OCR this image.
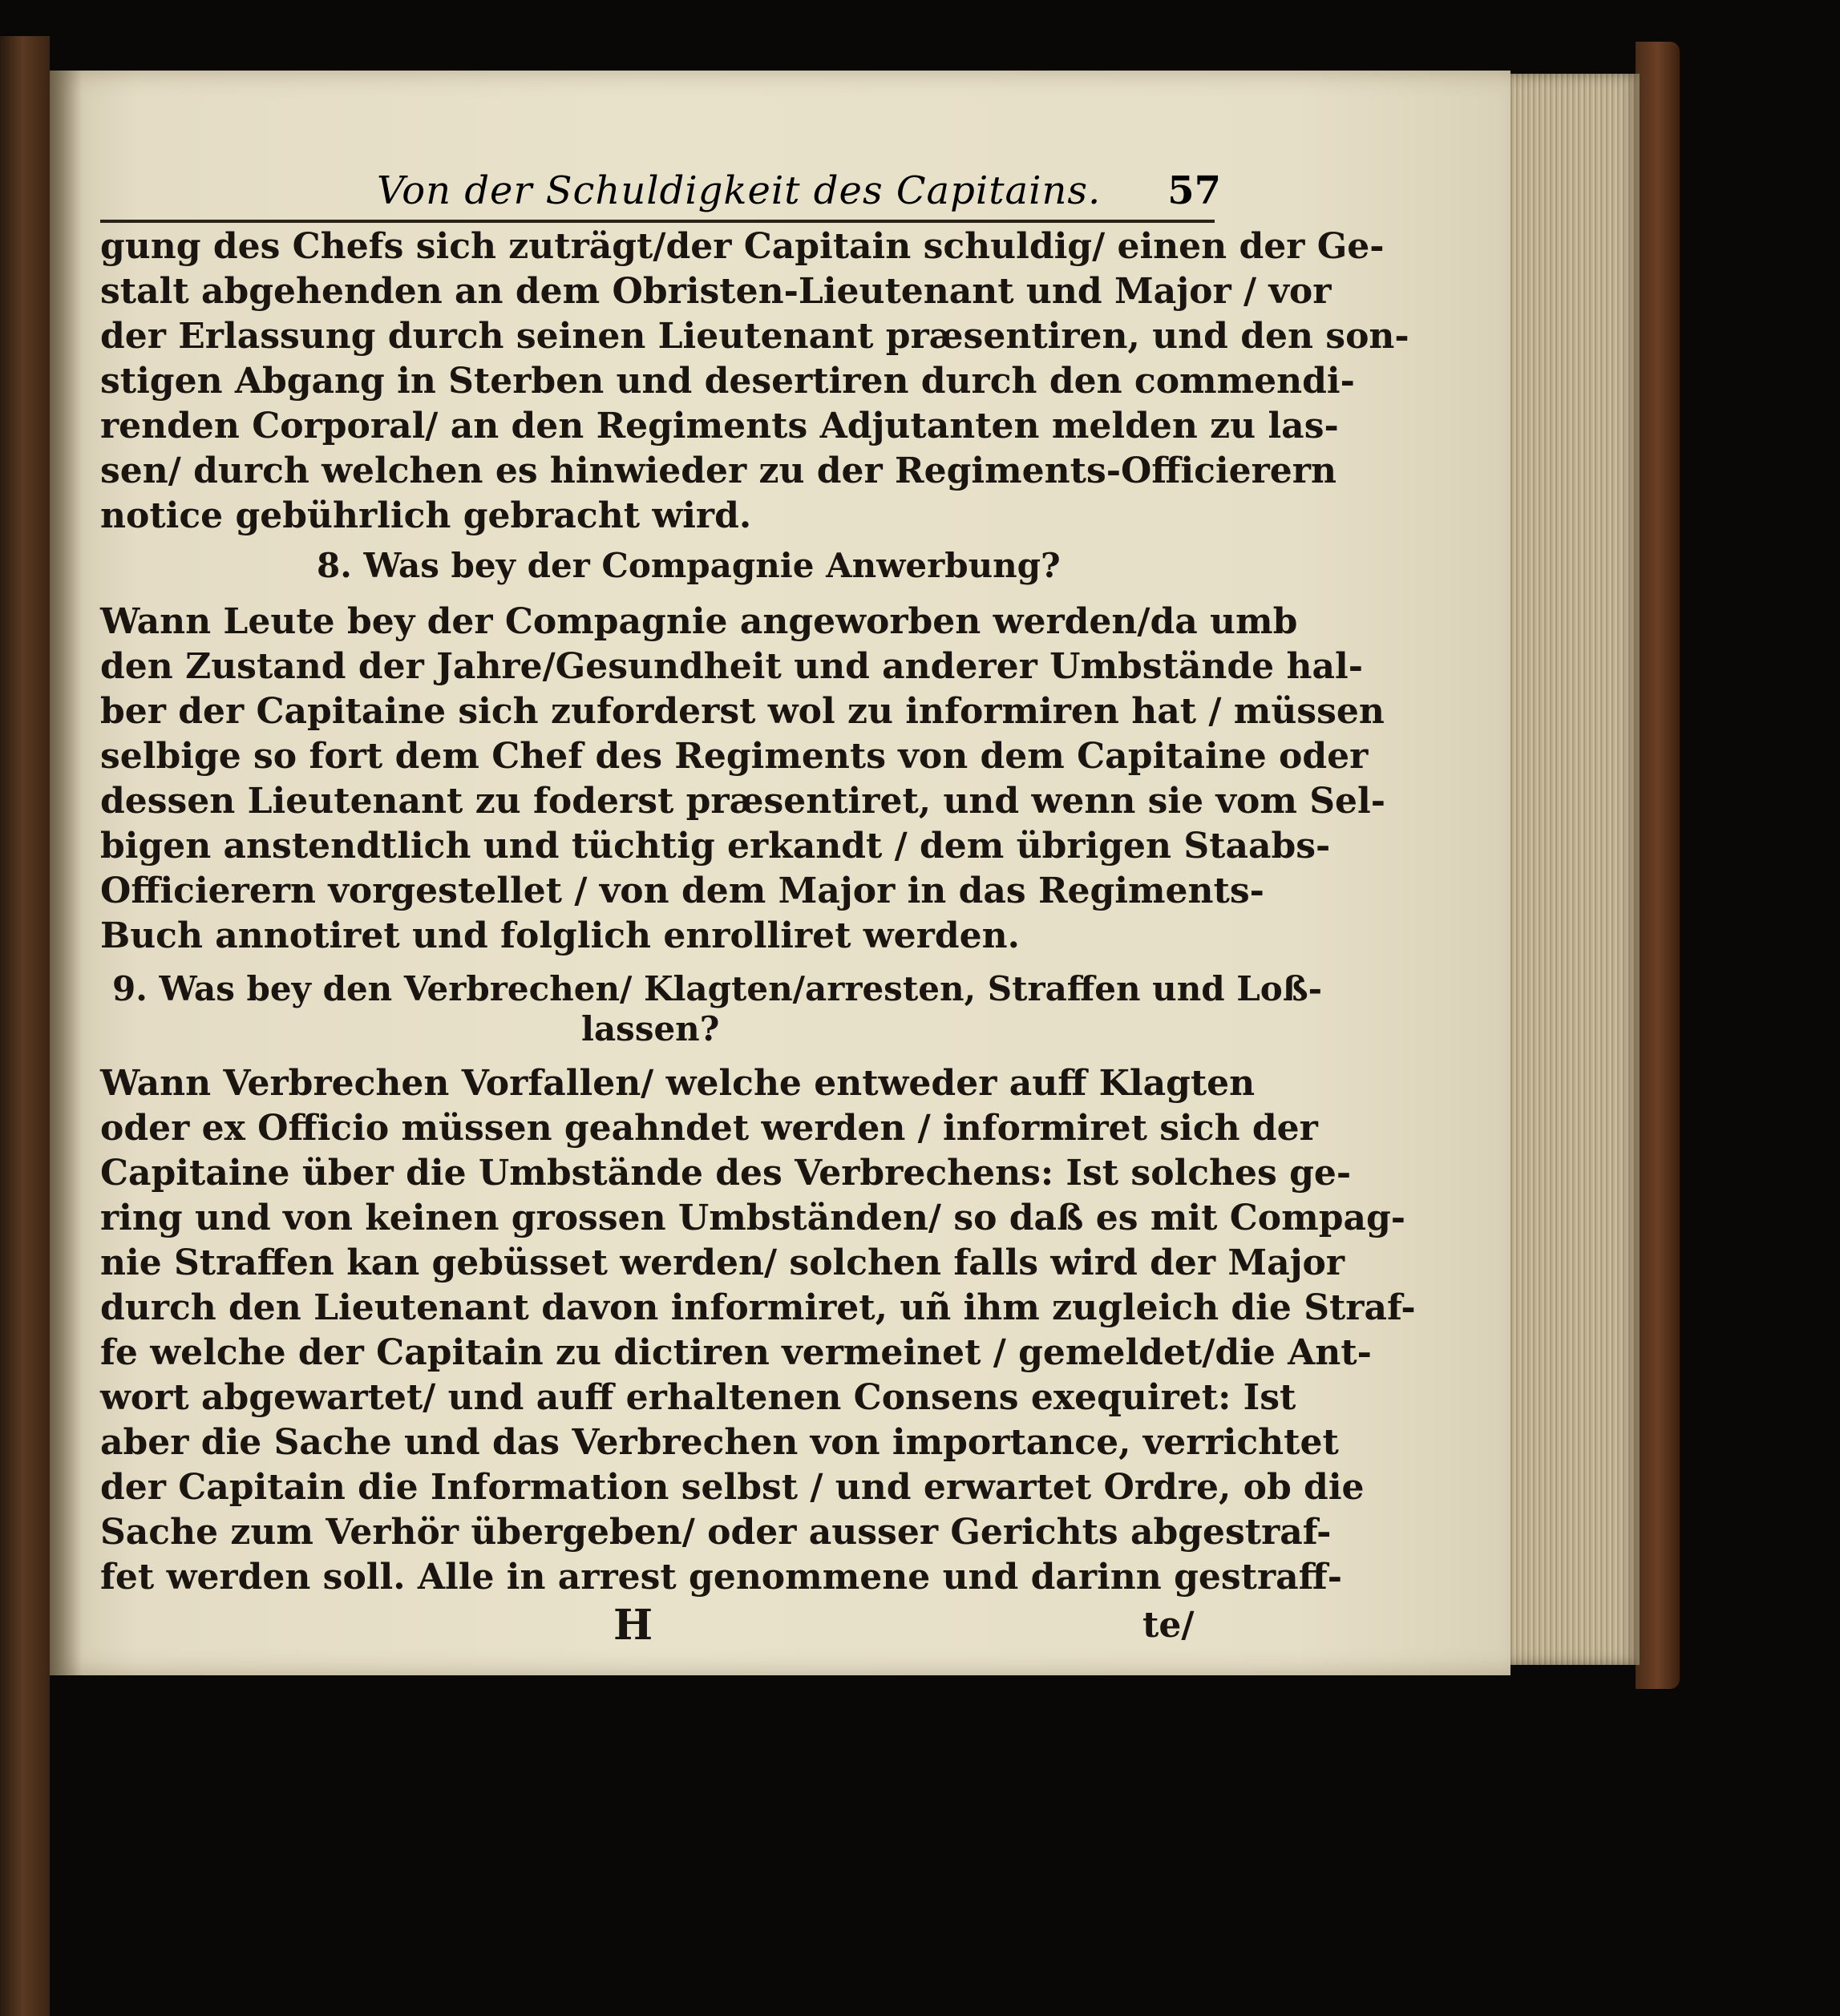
Von der Schuldigkeit des Capitains. 57
gung des Chefs sich zuträgt/der Capitain schuldig/ einen der Ge-
stalt abgehenden an dem Obristen-Lieutenant und Major / vor
der Erlassung durch seinen Lieutenant præsentiren, und den son-
stigen Abgang in Sterben und desertiren durch den commendi-
renden Corporal/ an den Regiments Adjutanten melden zu las-
sen/ durch welchen es hinwieder zu der Regiments-Officierern
notice gebührlich gebracht wird.
8. Was bey der Compagnie Anwerbung?
Wann Leute bey der Compagnie angeworben werden/da umb
den Zustand der Jahre/Gesundheit und anderer Umbstände hal-
ber der Capitaine sich zuforderst wol zu informiren hat / müssen
selbige so fort dem Chef des Regiments von dem Capitaine oder
dessen Lieutenant zu foderst præsentiret, und wenn sie vom Sel-
bigen anstendtlich und tüchtig erkandt / dem übrigen Staabs-
Officierern vorgestellet / von dem Major in das Regiments-
Buch annotiret und folglich enrolliret werden.
9. Was bey den Verbrechen/ Klagten/arresten, Straffen und Loß-
lassen?
Wann Verbrechen Vorfallen/ welche entweder auff Klagten
oder ex Officio müssen geahndet werden / informiret sich der
Capitaine über die Umbstände des Verbrechens: Ist solches ge-
ring und von keinen grossen Umbständen/ so daß es mit Compag-
nie Straffen kan gebüsset werden/ solchen falls wird der Major
durch den Lieutenant davon informiret, uñ ihm zugleich die Straf-
fe welche der Capitain zu dictiren vermeinet / gemeldet/die Ant-
wort abgewartet/ und auff erhaltenen Consens exequiret: Ist
aber die Sache und das Verbrechen von importance, verrichtet
der Capitain die Information selbst / und erwartet Ordre, ob die
Sache zum Verhör übergeben/ oder ausser Gerichts abgestraf-
fet werden soll. Alle in arrest genommene und darinn gestraff-
H	te/
